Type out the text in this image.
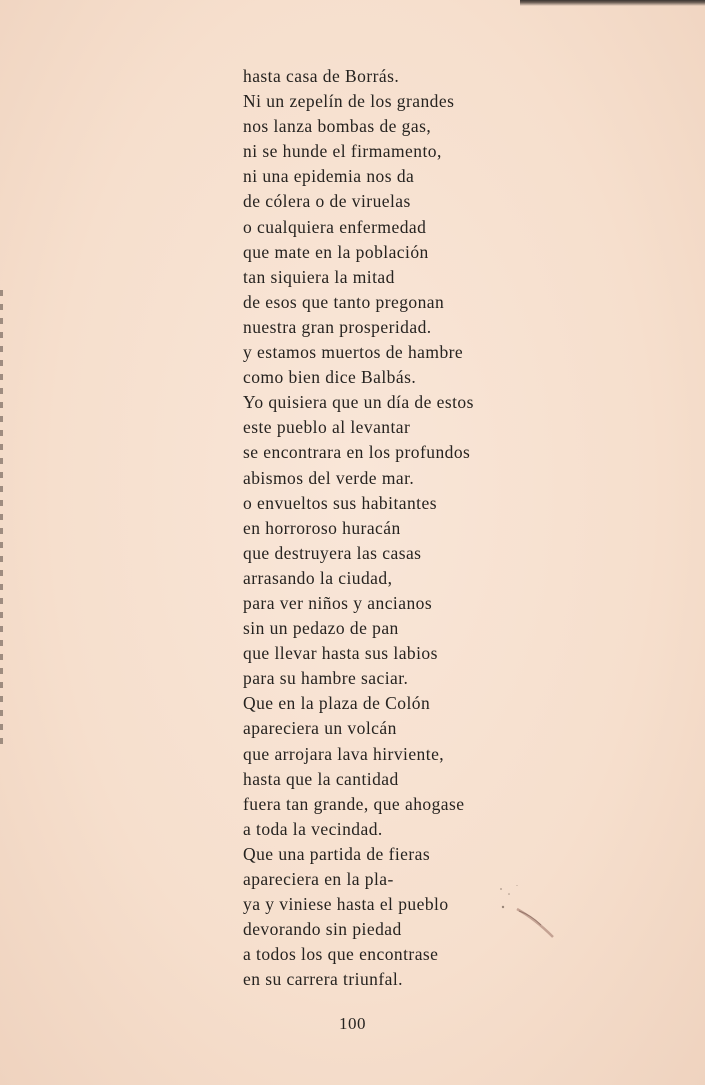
hasta casa de Borrás.
Ni un zepelín de los grandes
nos lanza bombas de gas,
ni se hunde el firmamento,
ni una epidemia nos da
de cólera o de viruelas
o cualquiera enfermedad
que mate en la población
tan siquiera la mitad
de esos que tanto pregonan
nuestra gran prosperidad.
y estamos muertos de hambre
como bien dice Balbás.
Yo quisiera que un día de estos
este pueblo al levantar
se encontrara en los profundos
abismos del verde mar.
o envueltos sus habitantes
en horroroso huracán
que destruyera las casas
arrasando la ciudad,
para ver niños y ancianos
sin un pedazo de pan
que llevar hasta sus labios
para su hambre saciar.
Que en la plaza de Colón
apareciera un volcán
que arrojara lava hirviente,
hasta que la cantidad
fuera tan grande, que ahogase
a toda la vecindad.
Que una partida de fieras
apareciera en la pla-
ya y viniese hasta el pueblo
devorando sin piedad
a todos los que encontrase
en su carrera triunfal.
100
